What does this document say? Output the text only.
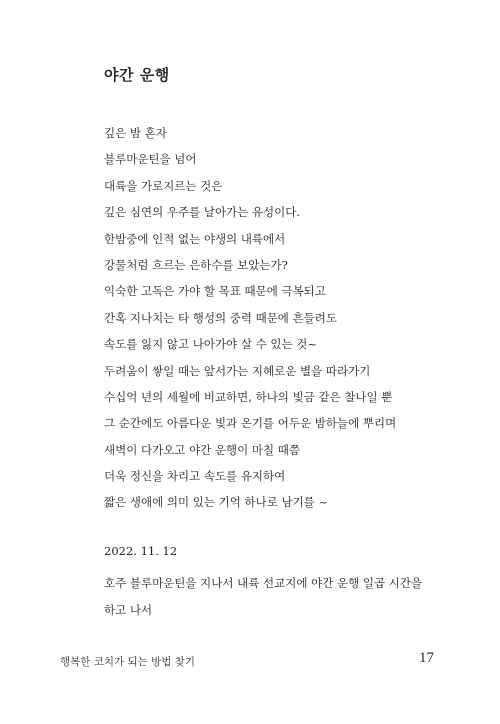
야간 운행
깊은 밤 혼자
블루마운틴을 넘어
대륙을 가로지르는 것은
깊은 심연의 우주를 날아가는 유성이다.
한밤중에 인적 없는 야생의 내륙에서
강물처럼 흐르는 은하수를 보았는가?
익숙한 고독은 가야 할 목표 때문에 극복되고
간혹 지나치는 타 행성의 중력 때문에 흔들려도
속도를 잃지 않고 나아가야 살 수 있는 것~
두려움이 쌓일 때는 앞서가는 지혜로운 별을 따라가기
수십억 년의 세월에 비교하면, 하나의 빛금 같은 찰나일 뿐
그 순간에도 아름다운 빛과 온기를 어두운 밤하늘에 뿌리며
새벽이 다가오고 야간 운행이 마칠 때쯤
더욱 정신을 차리고 속도를 유지하여
짧은 생애에 의미 있는 기억 하나로 남기를 ~
2022. 11. 12
호주 블루마운틴을 지나서 내륙 선교지에 야간 운행 일곱 시간을
하고 나서
행복한 코치가 되는 방법 찾기	17
